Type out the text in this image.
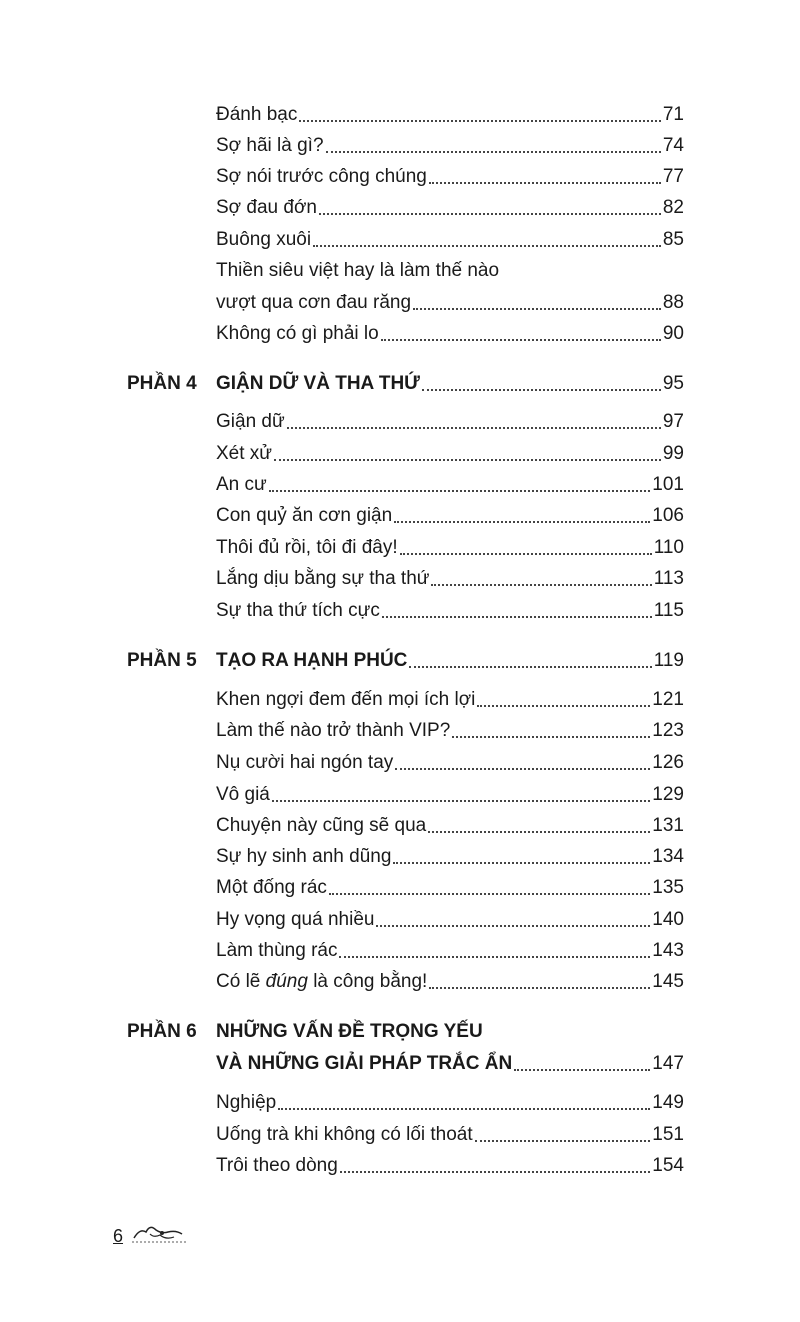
Đánh bạc	71
Sợ hãi là gì?	74
Sợ nói trước công chúng	77
Sợ đau đớn	82
Buông xuôi	85
Thiền siêu việt hay là làm thế nào
vượt qua cơn đau răng	88
Không có gì phải lo	90
PHẦN 4 GIẬN DỮ VÀ THA THỨ	95
Giận dữ	97
Xét xử	99
An cư	101
Con quỷ ăn cơn giận	106
Thôi đủ rồi, tôi đi đây!	110
Lắng dịu bằng sự tha thứ	113
Sự tha thứ tích cực	115
PHẦN 5 TẠO RA HẠNH PHÚC	119
Khen ngợi đem đến mọi ích lợi	121
Làm thế nào trở thành VIP?	123
Nụ cười hai ngón tay	126
Vô giá	129
Chuyện này cũng sẽ qua	131
Sự hy sinh anh dũng	134
Một đống rác	135
Hy vọng quá nhiều	140
Làm thùng rác	143
Có lẽ đúng là công bằng!	145
PHẦN 6 NHỮNG VẤN ĐỀ TRỌNG YẾU
VÀ NHỮNG GIẢI PHÁP TRẮC ẨN	147
Nghiệp	149
Uống trà khi không có lối thoát	151
Trôi theo dòng	154
6
